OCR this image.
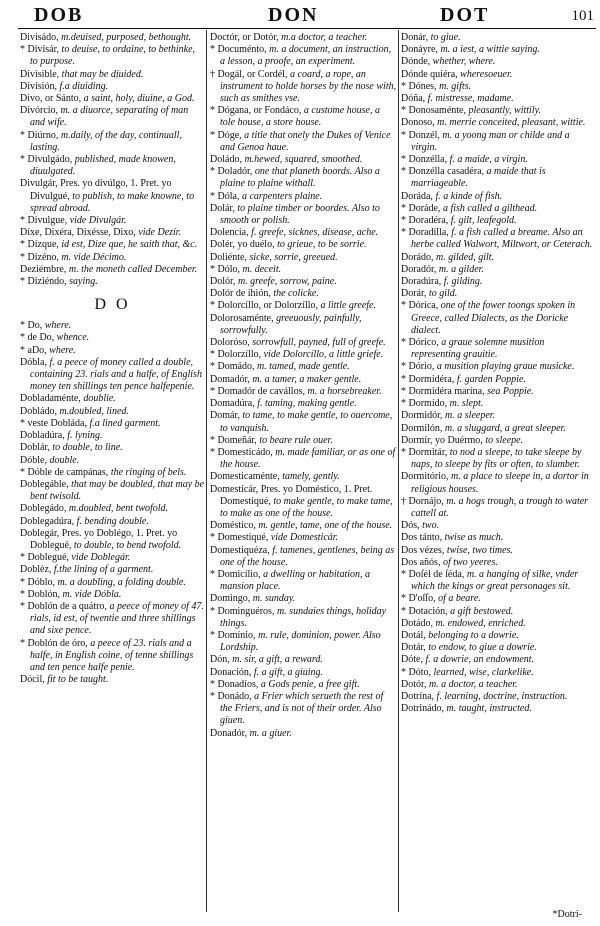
DOB	DON	DOT	101

Divisádo, m.deuised, purposed, bethought.

* Divisár, to deuise, to ordaine, to bethinke, to purpose.

Divisible, that may be diuided.

División, f.a diuiding.

Divo, or Sánto, a saint, holy, diuine, a God.

Divórcio, m. a diuorce, separating of man and wife.

* Diúrno, m.daily, of the day, continuall, lasting.

* Divulgádo, published, made knowen, diuulgated.

Divulgár, Pres. yo divúlgo, 1. Pret. yo Divulgué, to publish, to make knowne, to spread abroad.

* Divulgue, vide Divulgár.

Díxe, Dixéra, Dixésse, Dixo, vide Dezír.

* Dízque, id est, Dize que, he saith that, &c.

* Dizéno, m. vide Décimo.

Deziémbre, m. the moneth called December.

* Diziéndo, saying.

D O

* Do, where.

* de Do, whence.

* aDo, where.

Dóbla, f. a peece of money called a double, containing 23. rials and a halfe, of English money ten shillings ten pence halfepenie.

Dobladaménte, doublie.

Dobládo, m.doubled, lined.

* veste Dobláda, f.a lined garment.

Dobladúra, f. lyning.

Doblár, to double, to line.

Dóble, double.

* Dóble de campánas, the ringing of bels.

Doblegáble, that may be doubled, that may be bent twisold.

Doblegádo, m.doubled, bent twofold.

Doblegadúra, f. bending double.

Doblegár, Pres. yo Doblégo, 1. Pret. yo Doblegué, to double, to bend twofold.

* Doblegué, vide Doblegár.

Doblèz, f.the lining of a garment.

* Dóblo, m. a doubling, a folding double.

* Doblón, m. vide Dóbla.

* Doblón de a quátro, a peece of money of 47. rials, id est, of twentie and three shillings and sixe pence.

* Doblón de óro, a peece of 23. rials and a halfe, in English coine, of tenne shillings and ten pence halfe penie.

Dócil, fit to be taught.

Doctór, or Dotór, m.a doctor, a teacher.

* Documénto, m. a document, an instruction, a lesson, a proofe, an experiment.

† Dogál, or Cordél, a coard, a rope, an instrument to holde horses by the nose with, such as smithes vse.

* Dógana, or Fondáco, a custome house, a tole house, a store house.

* Dóge, a title that onely the Dukes of Venice and Genoa haue.

Doládo, m.hewed, squared, smoothed.

* Doladór, one that planeth boords. Also a plaine to plaine withall.

* Dóla, a carpenters plaine.

Dolár, to plaine timber or boordes. Also to smooth or polish.

Dolencia, f. greefe, sicknes, disease, ache.

Dolér, yo duélo, to grieue, to be sorrie.

Doliénte, sicke, sorrie, greeued.

* Dólo, m. deceit.

Dolór, m. greefe, sorrow, paine.

Dolór de ihión, the colicke.

* Dolorcíllo, or Dolorzíllo, a little greefe.

Dolorosaménte, greeuously, painfully, sorrowfully.

Doloróso, sorrowfull, payned, full of greefe.

* Dolorzíllo, vide Dolorcíllo, a little griefe.

* Domádo, m. tamed, made gentle.

Domadór, m. a tamer, a maker gentle.

* Domadór de cavállos, m. a horsebreaker.

Domadúra, f. taming, making gentle.

Domár, to tame, to make gentle, to ouercome, to vanquish.

* Domeñár, to beare rule ouer.

* Domesticádo, m. made familiar, or as one of the house.

Domesticaménte, tamely, gently.

Domesticár, Pres. yo Doméstico, 1. Pret. Domestiqué, to make gentle, to make tame, to make as one of the house.

Doméstico, m. gentle, tame, one of the house.

* Domestiqué, vide Domesticár.

Domestiquéza, f. tamenes, gentlenes, being as one of the house.

* Domicílio, a dwelling or habitation, a mansion place.

Domingo, m. sunday.

* Dominguéros, m. sundaies things, holiday things.

* Domínio, m. rule, dominion, power. Also Lordship.

Dón, m. sir, a gift, a reward.

Donación, f. a gift, a giuing.

* Donadíos, a Gods penie, a free gift.

* Donádo, a Frier which serueth the rest of the Friers, and is not of their order. Also giuen.

Donadór, m. a giuer.

Donár, to giue.

Donáyre, m. a iest, a wittie saying.

Dónde, whether, where.

Dónde quiéra, wheresoeuer.

* Dónes, m. gifts.

Dóña, f. mistresse, madame.

* Donosaménte, pleasantly, wittily.

Donoso, m. merrie conceited, pleasant, wittie.

* Donzél, m. a yoong man or childe and a virgin.

* Donzélla, f. a maide, a virgin.

* Donzélla casadéra, a maide that is marriageable.

Doráda, f. a kinde of fish.

* Doráde, a fish called a gilthead.

* Doradéra, f. gilt, leafegold.

* Doradílla, f. a fish called a breame. Also an herbe called Walwort, Miltwort, or Ceterach.

Dorádo, m. gilded, gilt.

Doradór, m. a gilder.

Doradúra, f. gilding.

Dorár, to gild.

* Dórica, one of the fower toongs spoken in Greece, called Dialects, as the Doricke dialect.

* Dórico, a graue solemne musition representing grauitie.

* Dório, a musition playing graue musicke.

* Dormidéra, f. garden Poppie.

* Dormidéra marína, sea Poppie.

* Dormído, m. slept.

Dormidór, m. a sleeper.

Dormilón, m. a sluggard, a great sleeper.

Dormír, yo Duérmo, to sleepe.

* Dormitár, to nod a sleepe, to take sleepe by naps, to sleepe by fits or often, to slumber.

Dormitório, m. a place to sleepe in, a dortor in religious houses.

† Dornájo, m. a hogs trough, a trough to water cattell at.

Dós, two.

Dos tánto, twise as much.

Dos vézes, twise, two times.

Dos añós, of two yeeres.

* Doſél de ſéda, m. a hanging of silke, vnder which the kings or great personages sit.

* D'oſſo, of a beare.

* Dotación, a gift bestowed.

Dotádo, m. endowed, enriched.

Dotál, belonging to a dowrie.

Dotár, to endow, to giue a dowrie.

Dóte, f. a dowrie, an endowment.

* Dóto, learned, wise, clarkelike.

Dotór, m. a doctor, a teacher.

Dotrína, f. learning, doctrine, instruction.

Dotrinádo, m. taught, instructed.

*Dotri-
